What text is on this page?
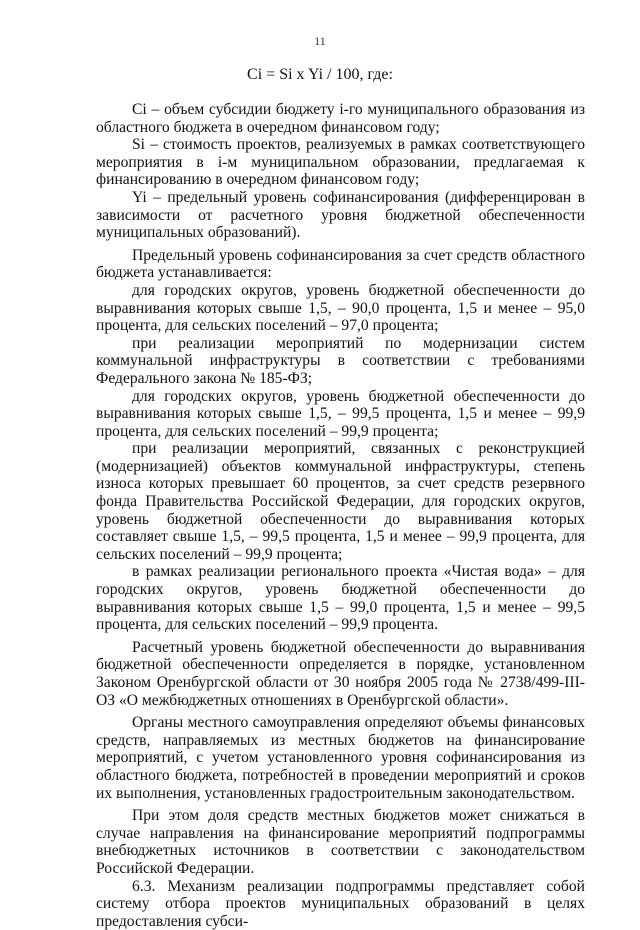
11
Ci = Si x Yi / 100, где:

Ci – объем субсидии бюджету i-го муниципального образования из областного бюджета в очередном финансовом году;

Si – стоимость проектов, реализуемых в рамках соответствующего мероприятия в i-м муниципальном образовании, предлагаемая к финансированию в очередном финансовом году;

Yi – предельный уровень софинансирования (дифференцирован в зависимости от расчетного уровня бюджетной обеспеченности муниципальных образований).

Предельный уровень софинансирования за счет средств областного бюджета устанавливается:

для городских округов, уровень бюджетной обеспеченности до выравнивания которых свыше 1,5, – 90,0 процента, 1,5 и менее – 95,0 процента, для сельских поселений – 97,0 процента;

при реализации мероприятий по модернизации систем коммунальной инфраструктуры в соответствии с требованиями Федерального закона № 185-ФЗ;

для городских округов, уровень бюджетной обеспеченности до выравнивания которых свыше 1,5, – 99,5 процента, 1,5 и менее – 99,9 процента, для сельских поселений – 99,9 процента;

при реализации мероприятий, связанных с реконструкцией (модернизацией) объектов коммунальной инфраструктуры, степень износа которых превышает 60 процентов, за счет средств резервного фонда Правительства Российской Федерации, для городских округов, уровень бюджетной обеспеченности до выравнивания которых составляет свыше 1,5, – 99,5 процента, 1,5 и менее – 99,9 процента, для сельских поселений – 99,9 процента;

в рамках реализации регионального проекта «Чистая вода» – для городских округов, уровень бюджетной обеспеченности до выравнивания которых свыше 1,5 – 99,0 процента, 1,5 и менее – 99,5 процента, для сельских поселений – 99,9 процента.

Расчетный уровень бюджетной обеспеченности до выравнивания бюджетной обеспеченности определяется в порядке, установленном Законом Оренбургской области от 30 ноября 2005 года № 2738/499-III-ОЗ «О межбюджетных отношениях в Оренбургской области».

Органы местного самоуправления определяют объемы финансовых средств, направляемых из местных бюджетов на финансирование мероприятий, с учетом установленного уровня софинансирования из областного бюджета, потребностей в проведении мероприятий и сроков их выполнения, установленных градостроительным законодательством.

При этом доля средств местных бюджетов может снижаться в случае направления на финансирование мероприятий подпрограммы внебюджетных источников в соответствии с законодательством Российской Федерации.

6.3. Механизм реализации подпрограммы представляет собой систему отбора проектов муниципальных образований в целях предоставления субси-
